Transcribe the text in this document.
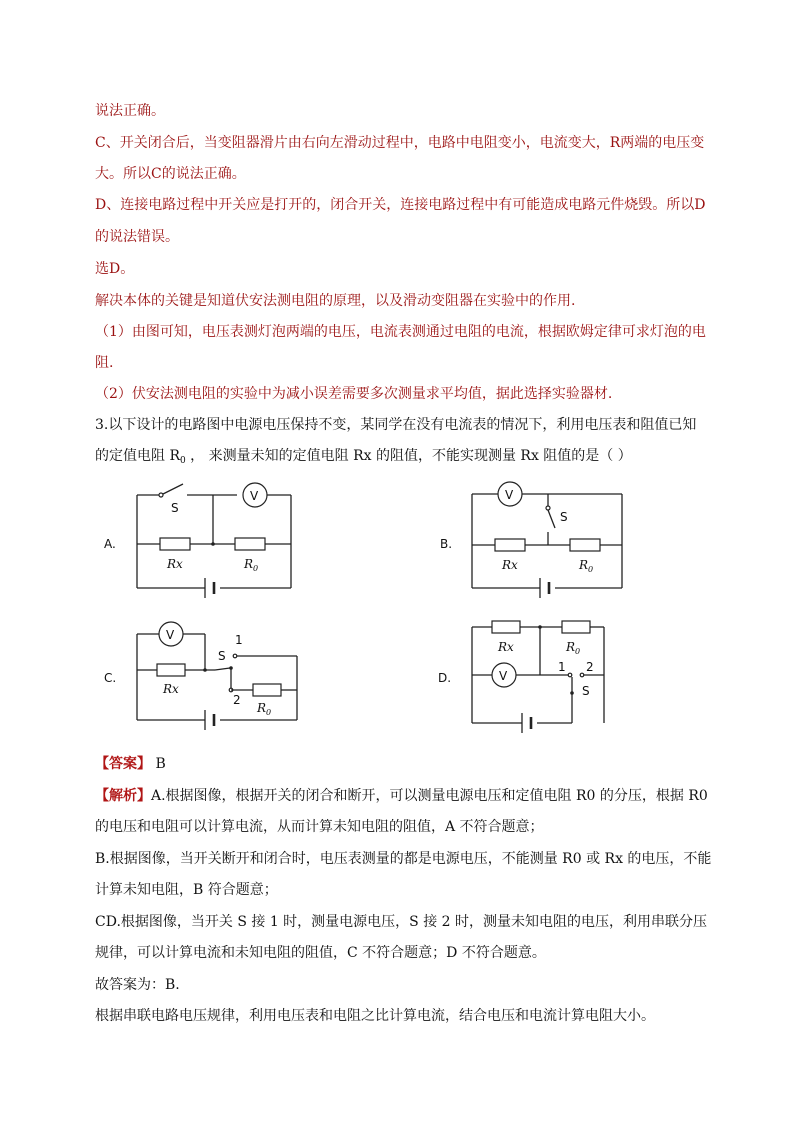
说法正确。
C、开关闭合后，当变阻器滑片由右向左滑动过程中，电路中电阻变小，电流变大，R两端的电压变
大。所以C的说法正确。
D、连接电路过程中开关应是打开的，闭合开关，连接电路过程中有可能造成电路元件烧毁。所以D
的说法错误。
选D。
解决本体的关键是知道伏安法测电阻的原理，以及滑动变阻器在实验中的作用.
（1）由图可知，电压表测灯泡两端的电压，电流表测通过电阻的电流，根据欧姆定律可求灯泡的电
阻.
（2）伏安法测电阻的实验中为减小误差需要多次测量求平均值，据此选择实验器材.
3.以下设计的电路图中电源电压保持不变，某同学在没有电流表的情况下，利用电压表和阻值已知
的定值电阻 $R_0$ ， 来测量未知的定值电阻 Rx 的阻值，不能实现测量 Rx 阻值的是（ ）
A.	B.
C.	D.
V
S
Rx	$R_0$
V
S
Rx	$R_0$
V	1
S
2
Rx
$R_0$
V
Rx	$R_0$
1 2
S
【答案】 B
【解析】A.根据图像，根据开关的闭合和断开，可以测量电源电压和定值电阻 R0 的分压，根据 R0
的电压和电阻可以计算电流，从而计算未知电阻的阻值，A 不符合题意；
B.根据图像，当开关断开和闭合时，电压表测量的都是电源电压，不能测量 R0 或 Rx 的电压，不能
计算未知电阻，B 符合题意；
CD.根据图像，当开关 S 接 1 时，测量电源电压，S 接 2 时，测量未知电阻的电压，利用串联分压
规律，可以计算电流和未知电阻的阻值，C 不符合题意；D 不符合题意。
故答案为：B.
根据串联电路电压规律，利用电压表和电阻之比计算电流，结合电压和电流计算电阻大小。
